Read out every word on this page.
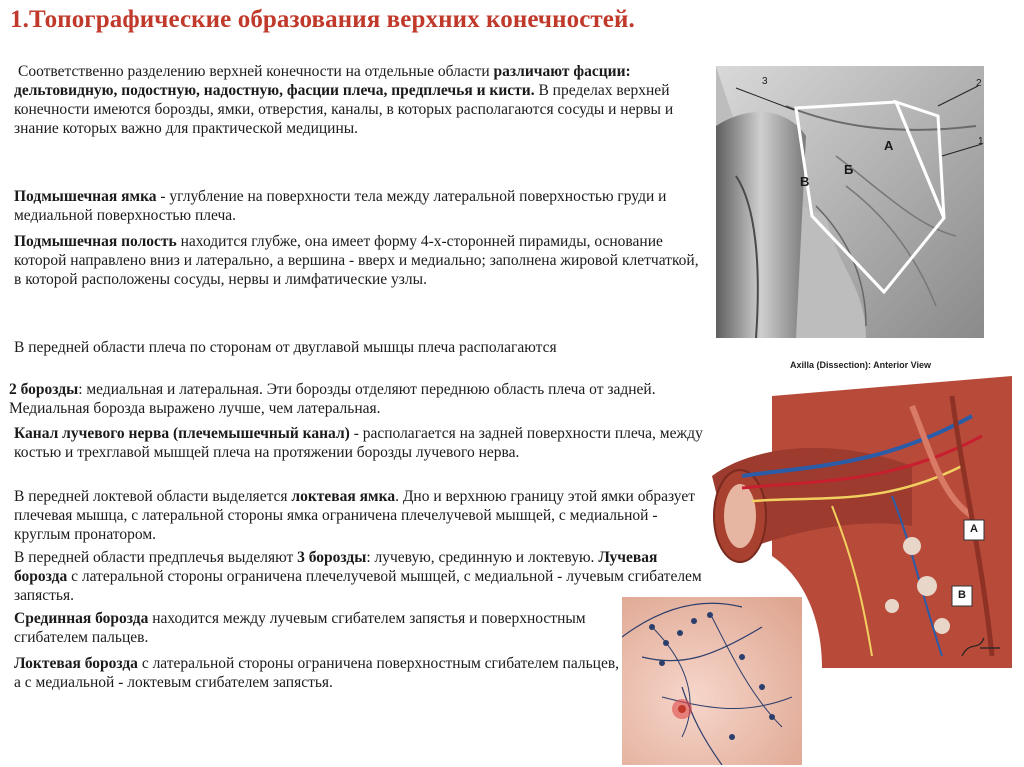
1.Топографические образования верхних конечностей.

Соответственно разделению верхней конечности на отдельные области различают фасции: дельтовидную, подостную, надостную, фасции плеча, предплечья и кисти. В пределах верхней конечности имеются борозды, ямки, отверстия, каналы, в которых располагаются сосуды и нервы и знание которых важно для практической медицины.

Подмышечная ямка - углубление на поверхности тела между латеральной поверхностью груди и медиальной поверхностью плеча.

Подмышечная полость находится глубже, она имеет форму 4-х-сторонней пирамиды, основание которой направлено вниз и латерально, а вершина - вверх и медиально; заполнена жировой клетчаткой, в которой расположены сосуды, нервы и лимфатические узлы.

В передней области плеча по сторонам от двуглавой мышцы плеча располагаются

2 борозды: медиальная и латеральная. Эти борозды отделяют переднюю область плеча от задней. Медиальная борозда выражено лучше, чем латеральная.

Канал лучевого нерва (плечемышечный канал) - располагается на задней поверхности плеча, между костью и трехглавой мышцей плеча на протяжении борозды лучевого нерва.

В передней локтевой области выделяется локтевая ямка. Дно и верхнюю границу этой ямки образует плечевая мышца, с латеральной стороны ямка ограничена плечелучевой мышцей, с медиальной - круглым пронатором.

В передней области предплечья выделяют 3 борозды: лучевую, срединную и локтевую. Лучевая борозда с латеральной стороны ограничена плечелучевой мышцей, с медиальной - лучевым сгибателем запястья.

Срединная борозда находится между лучевым сгибателем запястья и поверхностным сгибателем пальцев.

Локтевая борозда с латеральной стороны ограничена поверхностным сгибателем пальцев, а с медиальной - локтевым сгибателем запястья.

3	2
1
А
Б
В
Axilla (Dissection): Anterior View
A
B
